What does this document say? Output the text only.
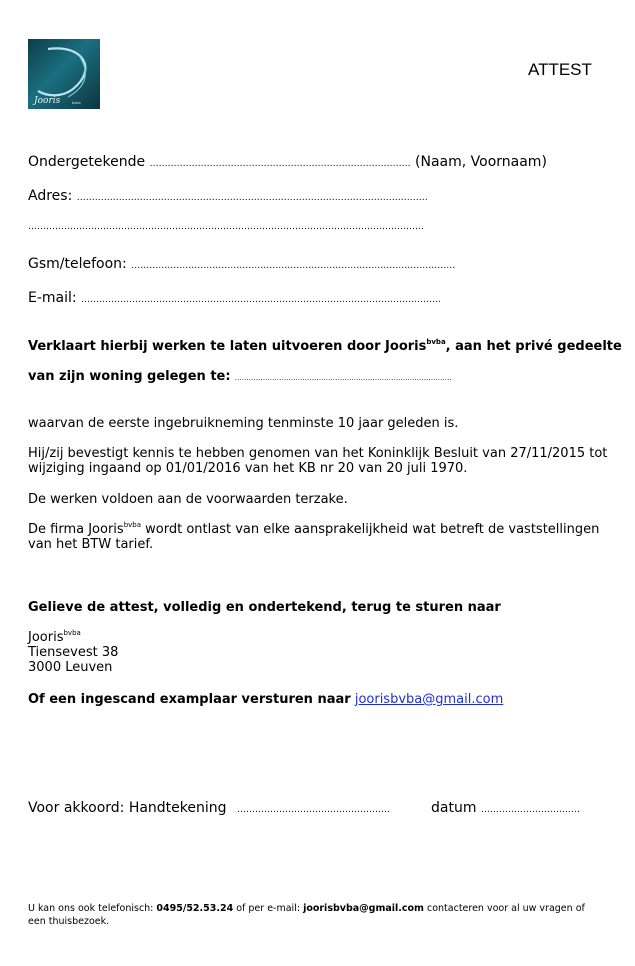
Jooris	bvba
ATTEST
Ondergetekende …………………………………………………………………………… (Naam, Voornaam)
Adres: ………………………………………………………………………………………………………
……………………………………………………………………………………………………………………
Gsm/telefoon: ………………………………………………………………………………………………
E-mail: …………………………………………………………………………………………………………
Verklaart hierbij werken te laten uitvoeren door Jooris$^{bvba}$, aan het privé gedeelte
van zijn woning gelegen te: …………………………………………………………………………………
waarvan de eerste ingebruikneming tenminste 10 jaar geleden is.
Hij/zij bevestigt kennis te hebben genomen van het Koninklijk Besluit van 27/11/2015 tot wijziging ingaand op 01/01/2016 van het KB nr 20 van 20 juli 1970.
De werken voldoen aan de voorwaarden terzake.
De firma Jooris$^{bvba}$ wordt ontlast van elke aansprakelijkheid wat betreft de vaststellingen van het BTW tarief.
Gelieve de attest, volledig en ondertekend, terug te sturen naar
Jooris$^{bvba}$
Tiensevest 38
3000 Leuven
Of een ingescand examplaar versturen naar joorisbvba@gmail.com
Voor akkoord: Handtekening ……………………………………………	datum ……………………………
U kan ons ook telefonisch: 0495/52.53.24 of per e-mail: joorisbvba@gmail.com contacteren voor al uw vragen of een thuisbezoek.
